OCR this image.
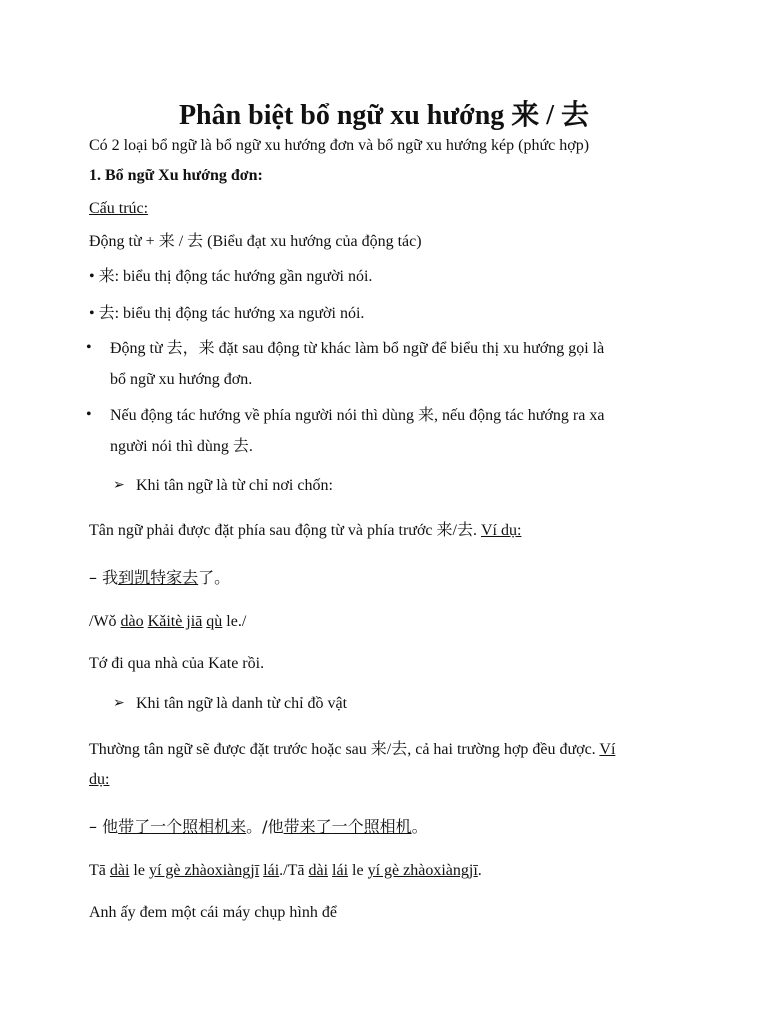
Phân biệt bổ ngữ xu hướng 来 / 去
Có 2 loại bổ ngữ là bổ ngữ xu hướng đơn và bổ ngữ xu hướng kép (phức hợp)
1. Bổ ngữ Xu hướng đơn:
Cấu trúc:
Động từ + 来 / 去 (Biểu đạt xu hướng của động tác)
• 来: biểu thị động tác hướng gần người nói.
• 去: biểu thị động tác hướng xa người nói.
• Động từ 去，来 đặt sau động từ khác làm bổ ngữ để biểu thị xu hướng gọi là
bổ ngữ xu hướng đơn.
• Nếu động tác hướng về phía người nói thì dùng 来, nếu động tác hướng ra xa
người nói thì dùng 去.
➢ Khi tân ngữ là từ chỉ nơi chốn:
Tân ngữ phải được đặt phía sau động từ và phía trước 来/去. Ví dụ:
– 我到凯特家去了。
/Wǒ dào Kǎitè jiā qù le./
Tớ đi qua nhà của Kate rồi.
➢ Khi tân ngữ là danh từ chỉ đồ vật
Thường tân ngữ sẽ được đặt trước hoặc sau 来/去, cả hai trường hợp đều được. Ví
dụ:
– 他带了一个照相机来。/他带来了一个照相机。
Tā dài le yí gè zhàoxiàngjī lái./Tā dài lái le yí gè zhàoxiàngjī.
Anh ấy đem một cái máy chụp hình để
